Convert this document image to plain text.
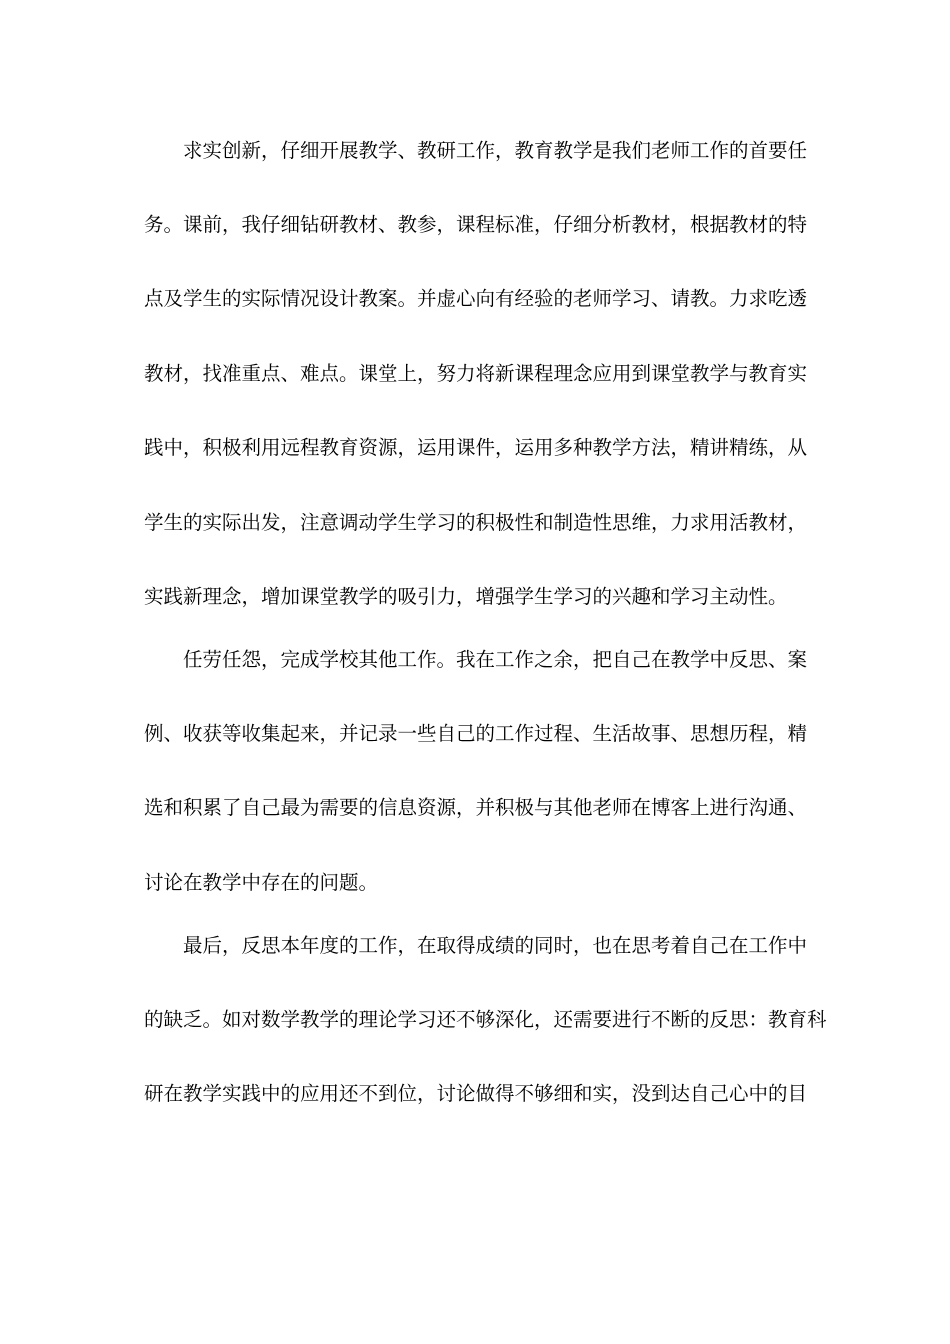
求实创新，仔细开展教学、教研工作，教育教学是我们老师工作的首要任
务。课前，我仔细钻研教材、教参，课程标准，仔细分析教材，根据教材的特
点及学生的实际情况设计教案。并虚心向有经验的老师学习、请教。力求吃透
教材，找准重点、难点。课堂上，努力将新课程理念应用到课堂教学与教育实
践中，积极利用远程教育资源，运用课件，运用多种教学方法，精讲精练，从
学生的实际出发，注意调动学生学习的积极性和制造性思维，力求用活教材，
实践新理念，增加课堂教学的吸引力，增强学生学习的兴趣和学习主动性。
任劳任怨，完成学校其他工作。我在工作之余，把自己在教学中反思、案
例、收获等收集起来，并记录一些自己的工作过程、生活故事、思想历程，精
选和积累了自己最为需要的信息资源，并积极与其他老师在博客上进行沟通、
讨论在教学中存在的问题。
最后，反思本年度的工作，在取得成绩的同时，也在思考着自己在工作中
的缺乏。如对数学教学的理论学习还不够深化，还需要进行不断的反思：教育科
研在教学实践中的应用还不到位，讨论做得不够细和实，没到达自己心中的目
